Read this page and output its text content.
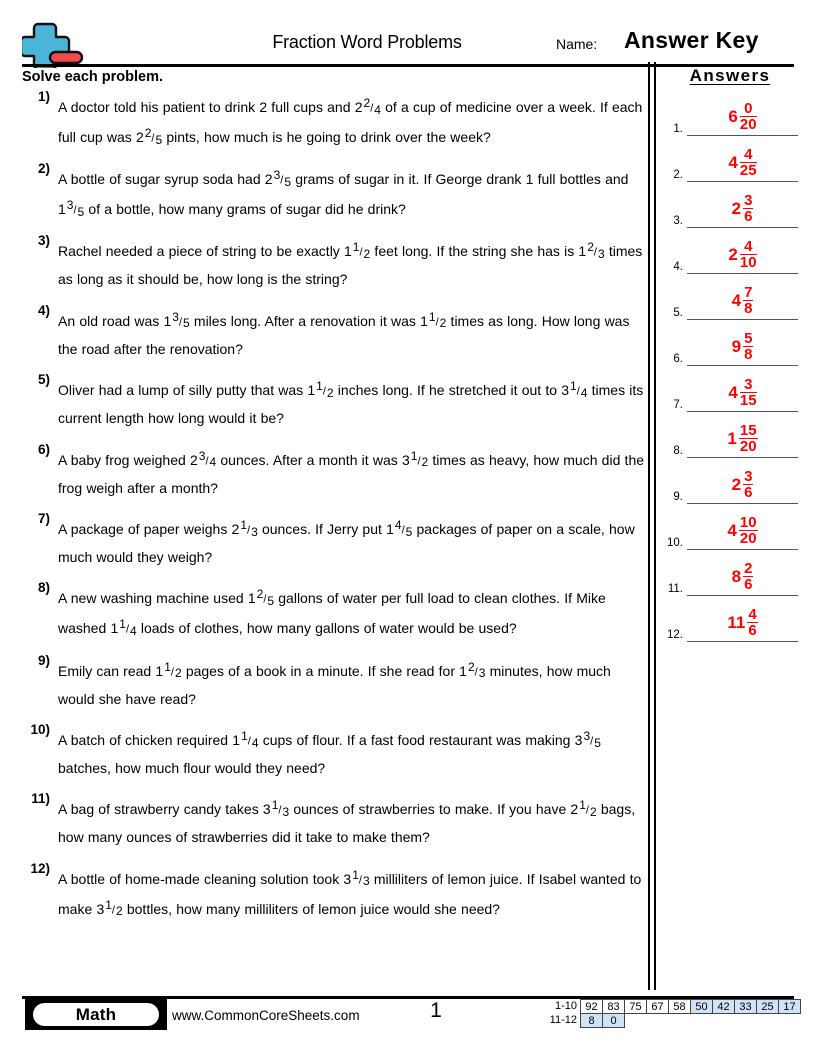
Fraction Word Problems	Name: Answer Key
Solve each problem.
1)
A doctor told his patient to drink 2 full cups and 22/4 of a cup of medicine over a week. If each full cup was 22/5 pints, how much is he going to drink over the week?
2)
A bottle of sugar syrup soda had 23/5 grams of sugar in it. If George drank 1 full bottles and 13/5 of a bottle, how many grams of sugar did he drink?
3)
Rachel needed a piece of string to be exactly 11/2 feet long. If the string she has is 12/3 times as long as it should be, how long is the string?
4)
An old road was 13/5 miles long. After a renovation it was 11/2 times as long. How long was the road after the renovation?
5)
Oliver had a lump of silly putty that was 11/2 inches long. If he stretched it out to 31/4 times its current length how long would it be?
6)
A baby frog weighed 23/4 ounces. After a month it was 31/2 times as heavy, how much did the frog weigh after a month?
7)
A package of paper weighs 21/3 ounces. If Jerry put 14/5 packages of paper on a scale, how much would they weigh?
8)
A new washing machine used 12/5 gallons of water per full load to clean clothes. If Mike washed 11/4 loads of clothes, how many gallons of water would be used?
9)
Emily can read 11/2 pages of a book in a minute. If she read for 12/3 minutes, how much would she have read?
10)
A batch of chicken required 11/4 cups of flour. If a fast food restaurant was making 33/5 batches, how much flour would they need?
11)
A bag of strawberry candy takes 31/3 ounces of strawberries to make. If you have 21/2 bags, how many ounces of strawberries did it take to make them?
12)
A bottle of home-made cleaning solution took 31/3 milliliters of lemon juice. If Isabel wanted to make 31/2 bottles, how many milliliters of lemon juice would she need?
Answers
1.
$6 \frac{0}{20}$
2.
$4 \frac{4}{25}$
3.
$2 \frac{3}{6}$
4.
$2 \frac{4}{10}$
5.
$4 \frac{7}{8}$
6.
$9 \frac{5}{8}$
7.
$4 \frac{3}{15}$
8.
$1 \frac{15}{20}$
9.
$2 \frac{3}{6}$
10.
$4 \frac{10}{20}$
11.
$8 \frac{2}{6}$
12.
$11 \frac{4}{6}$
Math	www.CommonCoreSheets.com	1	1-10 92 83 75 67 58 50 42 33 25 17
11-12	8	0
